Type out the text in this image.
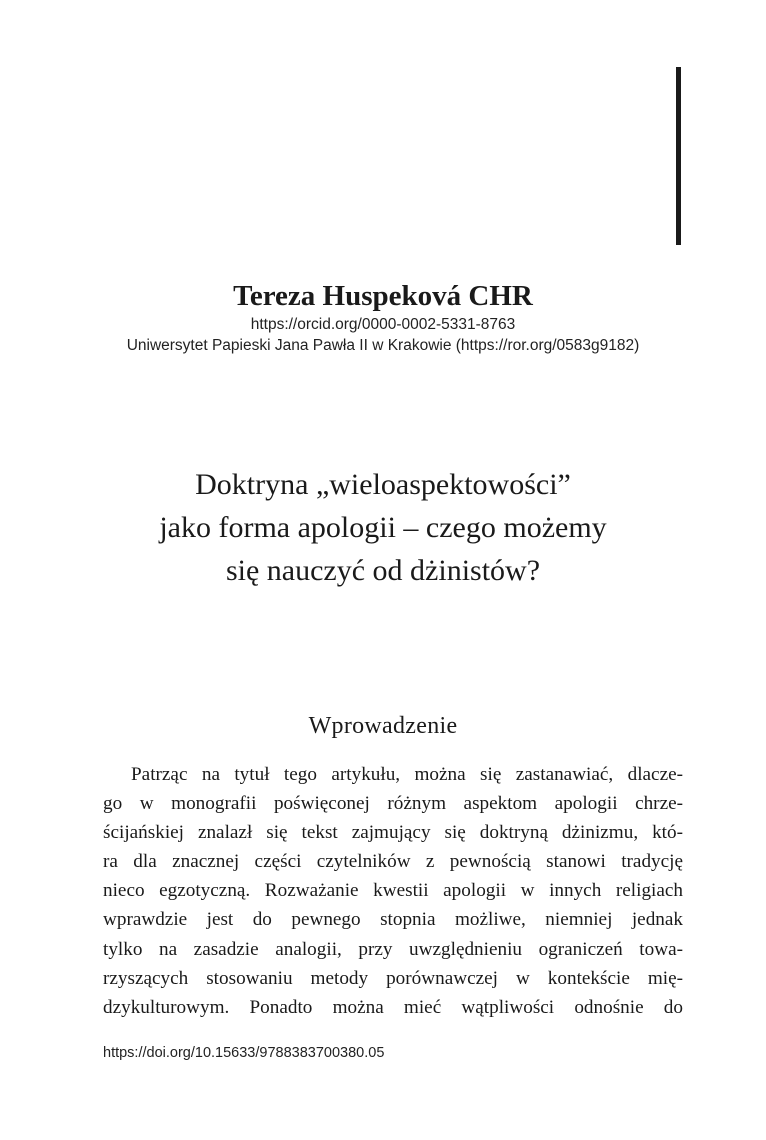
Tereza Huspeková CHR

https://orcid.org/0000-0002-5331-8763

Uniwersytet Papieski Jana Pawła II w Krakowie (https://ror.org/0583g9182)

Doktryna „wieloaspektowości”
jako forma apologii – czego możemy
się nauczyć od dżinistów?
Wprowadzenie
Patrząc na tytuł tego artykułu, można się zastanawiać, dlacze-
go w monografii poświęconej różnym aspektom apologii chrze-
ścijańskiej znalazł się tekst zajmujący się doktryną dżinizmu, któ-
ra dla znacznej części czytelników z pewnością stanowi tradycję
nieco egzotyczną. Rozważanie kwestii apologii w innych religiach
wprawdzie jest do pewnego stopnia możliwe, niemniej jednak
tylko na zasadzie analogii, przy uwzględnieniu ograniczeń towa-
rzyszących stosowaniu metody porównawczej w kontekście mię-
dzykulturowym. Ponadto można mieć wątpliwości odnośnie do

https://doi.org/10.15633/9788383700380.05
